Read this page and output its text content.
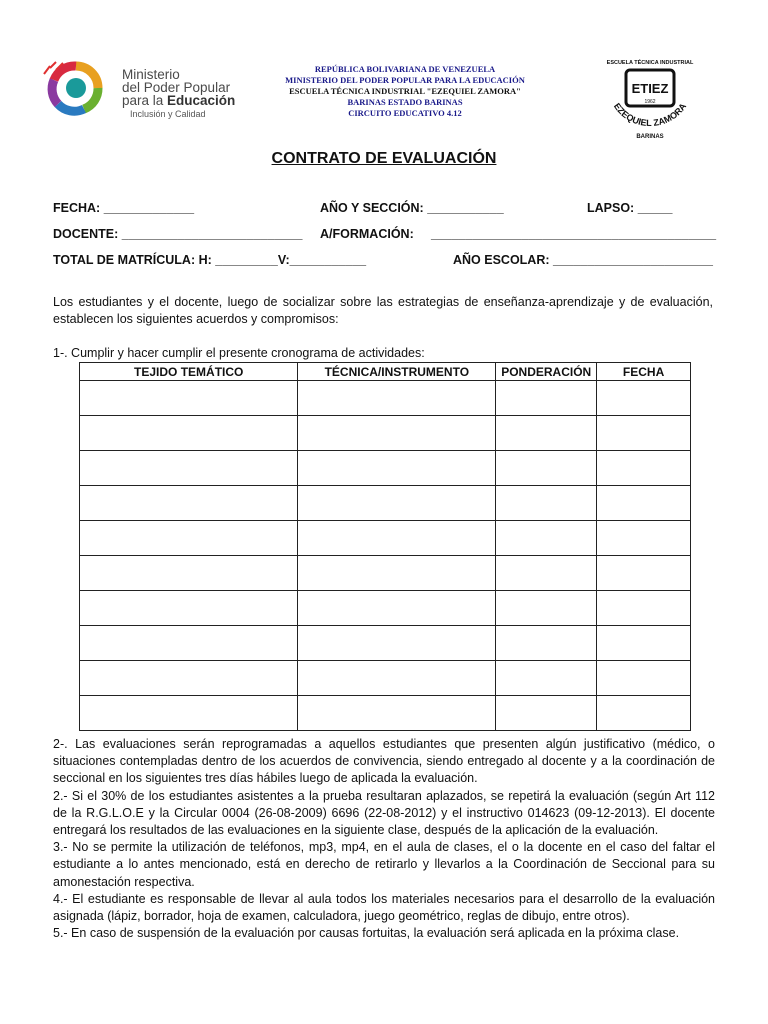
Ministerio
del Poder Popular
para la Educación
Inclusión y Calidad
REPÚBLICA BOLIVARIANA DE VENEZUELA
MINISTERIO DEL PODER POPULAR PARA LA EDUCACIÓN
ESCUELA TÉCNICA INDUSTRIAL "EZEQUIEL ZAMORA"
BARINAS ESTADO BARINAS
CIRCUITO EDUCATIVO 4.12
ESCUELA TÉCNICA INDUSTRIAL
ETIEZ
1962
EZEQUIEL ZAMORA
BARINAS
CONTRATO DE EVALUACIÓN
FECHA: _____________	AÑO Y SECCIÓN: ___________	LAPSO: _____
DOCENTE: __________________________ A/FORMACIÓN: _________________________________________
TOTAL DE MATRÍCULA: H: _________V:___________	AÑO ESCOLAR: _______________________
Los estudiantes y el docente, luego de socializar sobre las estrategias de enseñanza-aprendizaje y de evaluación, establecen los siguientes acuerdos y compromisos:
1-. Cumplir y hacer cumplir el presente cronograma de actividades:
TEJIDO TEMÁTICO	TÉCNICA/INSTRUMENTO	PONDERACIÓN	FECHA

2-. Las evaluaciones serán reprogramadas a aquellos estudiantes que presenten algún justificativo (médico, o situaciones contempladas dentro de los acuerdos de convivencia, siendo entregado al docente y a la coordinación de seccional en los siguientes tres días hábiles luego de aplicada la evaluación.

2.- Si el 30% de los estudiantes asistentes a la prueba resultaran aplazados, se repetirá la evaluación (según Art 112 de la R.G.L.O.E y la Circular 0004 (26-08-2009) 6696 (22-08-2012) y el instructivo 014623 (09-12-2013). El docente entregará los resultados de las evaluaciones en la siguiente clase, después de la aplicación de la evaluación.

3.- No se permite la utilización de teléfonos, mp3, mp4, en el aula de clases, el o la docente en el caso del faltar el estudiante a lo antes mencionado, está en derecho de retirarlo y llevarlos a la Coordinación de Seccional para su amonestación respectiva.

4.- El estudiante es responsable de llevar al aula todos los materiales necesarios para el desarrollo de la evaluación asignada (lápiz, borrador, hoja de examen, calculadora, juego geométrico, reglas de dibujo, entre otros).

5.- En caso de suspensión de la evaluación por causas fortuitas, la evaluación será aplicada en la próxima clase.
